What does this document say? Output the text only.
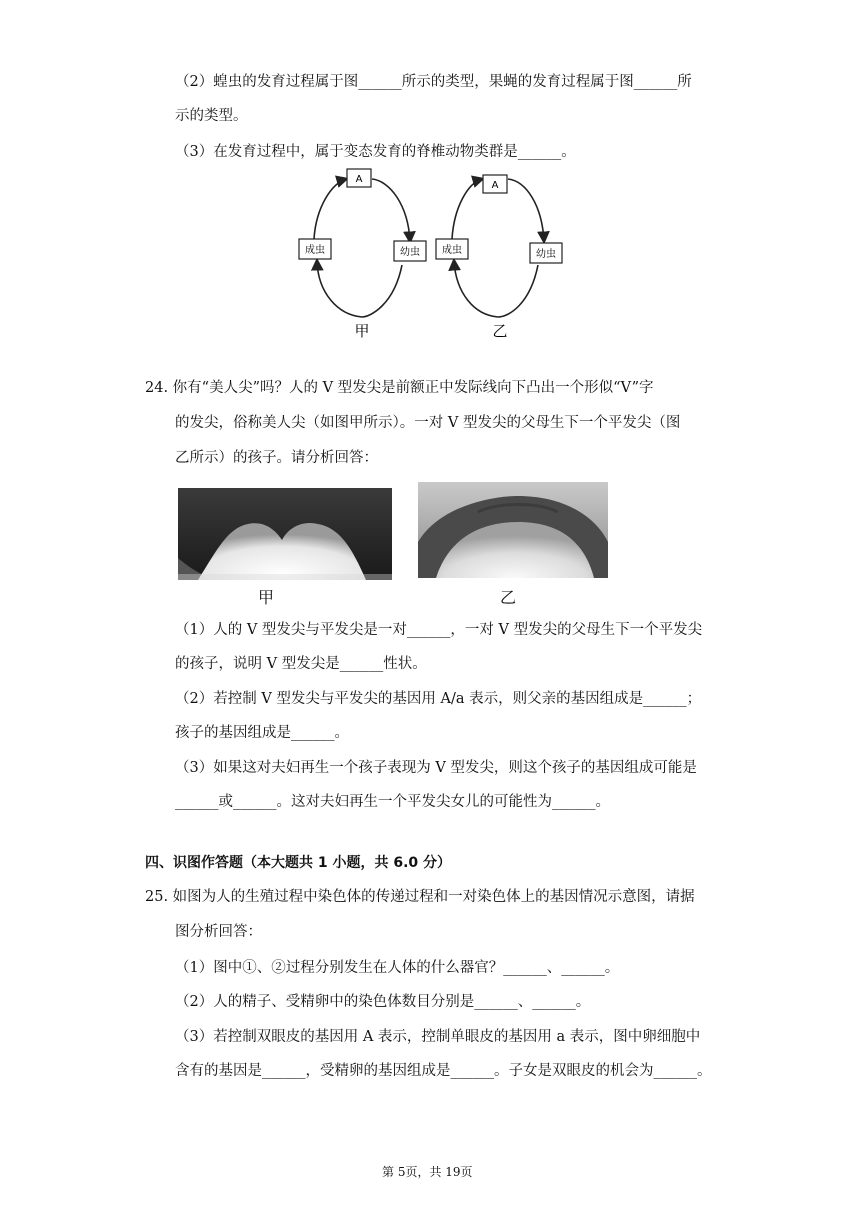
（2）蝗虫的发育过程属于图______所示的类型，果蝇的发育过程属于图______所
示的类型。
（3）在发育过程中，属于变态发育的脊椎动物类群是______。
A
成虫	幼虫
甲
A
成虫	幼虫
乙
24. 你有“美人尖”吗？人的 V 型发尖是前额正中发际线向下凸出一个形似“V”字
的发尖，俗称美人尖（如图甲所示）。一对 V 型发尖的父母生下一个平发尖（图
乙所示）的孩子。请分析回答：
甲	乙
（1）人的 V 型发尖与平发尖是一对______，一对 V 型发尖的父母生下一个平发尖
的孩子，说明 V 型发尖是______性状。
（2）若控制 V 型发尖与平发尖的基因用 A/a 表示，则父亲的基因组成是______；
孩子的基因组成是______。
（3）如果这对夫妇再生一个孩子表现为 V 型发尖，则这个孩子的基因组成可能是
______或______。这对夫妇再生一个平发尖女儿的可能性为______。
四、识图作答题（本大题共 1 小题，共 6.0 分）
25. 如图为人的生殖过程中染色体的传递过程和一对染色体上的基因情况示意图，请据
图分析回答：
（1）图中①、②过程分别发生在人体的什么器官？______、______。
（2）人的精子、受精卵中的染色体数目分别是______、______。
（3）若控制双眼皮的基因用 A 表示，控制单眼皮的基因用 a 表示，图中卵细胞中
含有的基因是______，受精卵的基因组成是______。子女是双眼皮的机会为______。
第 5页，共 19页
